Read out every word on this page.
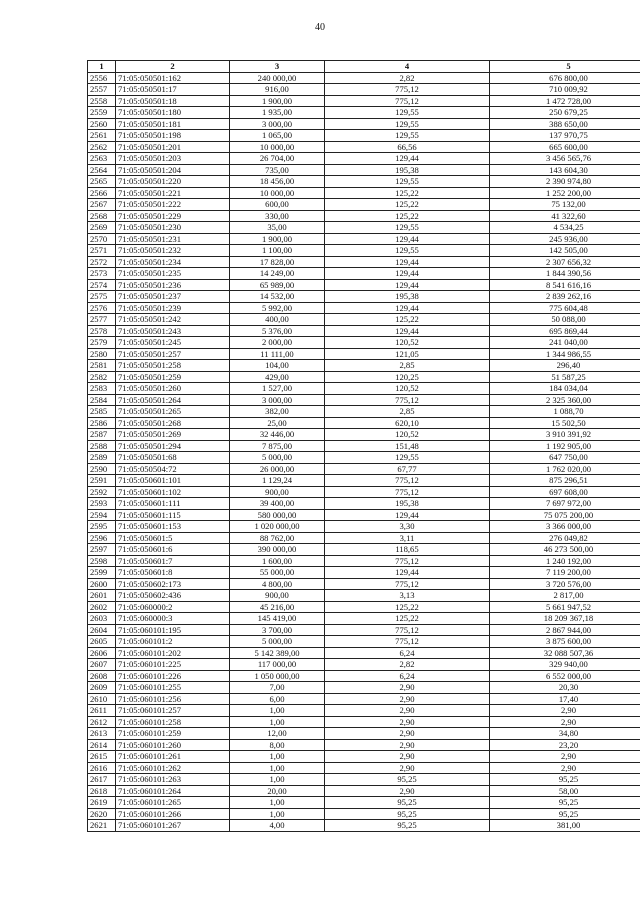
40
1	2	3	4	5
2556	71:05:050501:162	240 000,00	2,82	676 800,00
2557	71:05:050501:17	916,00	775,12	710 009,92
2558	71:05:050501:18	1 900,00	775,12	1 472 728,00
2559	71:05:050501:180	1 935,00	129,55	250 679,25
2560	71:05:050501:181	3 000,00	129,55	388 650,00
2561	71:05:050501:198	1 065,00	129,55	137 970,75
2562	71:05:050501:201	10 000,00	66,56	665 600,00
2563	71:05:050501:203	26 704,00	129,44	3 456 565,76
2564	71:05:050501:204	735,00	195,38	143 604,30
2565	71:05:050501:220	18 456,00	129,55	2 390 974,80
2566	71:05:050501:221	10 000,00	125,22	1 252 200,00
2567	71:05:050501:222	600,00	125,22	75 132,00
2568	71:05:050501:229	330,00	125,22	41 322,60
2569	71:05:050501:230	35,00	129,55	4 534,25
2570	71:05:050501:231	1 900,00	129,44	245 936,00
2571	71:05:050501:232	1 100,00	129,55	142 505,00
2572	71:05:050501:234	17 828,00	129,44	2 307 656,32
2573	71:05:050501:235	14 249,00	129,44	1 844 390,56
2574	71:05:050501:236	65 989,00	129,44	8 541 616,16
2575	71:05:050501:237	14 532,00	195,38	2 839 262,16
2576	71:05:050501:239	5 992,00	129,44	775 604,48
2577	71:05:050501:242	400,00	125,22	50 088,00
2578	71:05:050501:243	5 376,00	129,44	695 869,44
2579	71:05:050501:245	2 000,00	120,52	241 040,00
2580	71:05:050501:257	11 111,00	121,05	1 344 986,55
2581	71:05:050501:258	104,00	2,85	296,40
2582	71:05:050501:259	429,00	120,25	51 587,25
2583	71:05:050501:260	1 527,00	120,52	184 034,04
2584	71:05:050501:264	3 000,00	775,12	2 325 360,00
2585	71:05:050501:265	382,00	2,85	1 088,70
2586	71:05:050501:268	25,00	620,10	15 502,50
2587	71:05:050501:269	32 446,00	120,52	3 910 391,92
2588	71:05:050501:294	7 875,00	151,48	1 192 905,00
2589	71:05:050501:68	5 000,00	129,55	647 750,00
2590	71:05:050504:72	26 000,00	67,77	1 762 020,00
2591	71:05:050601:101	1 129,24	775,12	875 296,51
2592	71:05:050601:102	900,00	775,12	697 608,00
2593	71:05:050601:111	39 400,00	195,38	7 697 972,00
2594	71:05:050601:115	580 000,00	129,44	75 075 200,00
2595	71:05:050601:153	1 020 000,00	3,30	3 366 000,00
2596	71:05:050601:5	88 762,00	3,11	276 049,82
2597	71:05:050601:6	390 000,00	118,65	46 273 500,00
2598	71:05:050601:7	1 600,00	775,12	1 240 192,00
2599	71:05:050601:8	55 000,00	129,44	7 119 200,00
2600	71:05:050602:173	4 800,00	775,12	3 720 576,00
2601	71:05:050602:436	900,00	3,13	2 817,00
2602	71:05:060000:2	45 216,00	125,22	5 661 947,52
2603	71:05:060000:3	145 419,00	125,22	18 209 367,18
2604	71:05:060101:195	3 700,00	775,12	2 867 944,00
2605	71:05:060101:2	5 000,00	775,12	3 875 600,00
2606	71:05:060101:202	5 142 389,00	6,24	32 088 507,36
2607	71:05:060101:225	117 000,00	2,82	329 940,00
2608	71:05:060101:226	1 050 000,00	6,24	6 552 000,00
2609	71:05:060101:255	7,00	2,90	20,30
2610	71:05:060101:256	6,00	2,90	17,40
2611	71:05:060101:257	1,00	2,90	2,90
2612	71:05:060101:258	1,00	2,90	2,90
2613	71:05:060101:259	12,00	2,90	34,80
2614	71:05:060101:260	8,00	2,90	23,20
2615	71:05:060101:261	1,00	2,90	2,90
2616	71:05:060101:262	1,00	2,90	2,90
2617	71:05:060101:263	1,00	95,25	95,25
2618	71:05:060101:264	20,00	2,90	58,00
2619	71:05:060101:265	1,00	95,25	95,25
2620	71:05:060101:266	1,00	95,25	95,25
2621	71:05:060101:267	4,00	95,25	381,00
